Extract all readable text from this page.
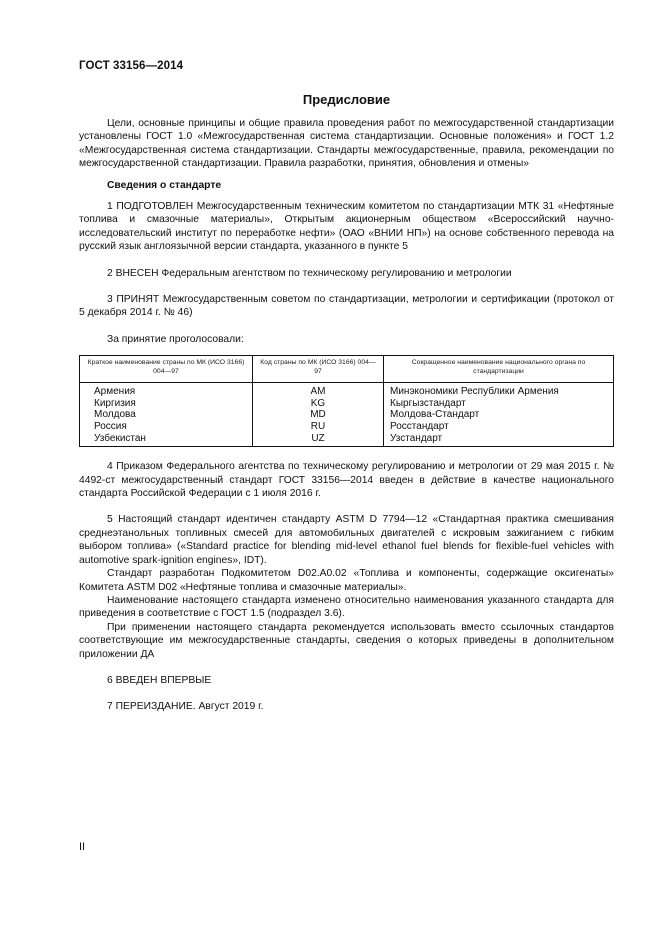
ГОСТ 33156—2014
Предисловие

Цели, основные принципы и общие правила проведения работ по межгосударственной стандартизации установлены ГОСТ 1.0 «Межгосударственная система стандартизации. Основные положения» и ГОСТ 1.2 «Межгосударственная система стандартизации. Стандарты межгосударственные, правила, рекомендации по межгосударственной стандартизации. Правила разработки, принятия, обновления и отмены»

Сведения о стандарте

1 ПОДГОТОВЛЕН Межгосударственным техническим комитетом по стандартизации МТК 31 «Нефтяные топлива и смазочные материалы», Открытым акционерным обществом «Всероссийский научно-исследовательский институт по переработке нефти» (ОАО «ВНИИ НП») на основе собственного перевода на русский язык англоязычной версии стандарта, указанного в пункте 5

2 ВНЕСЕН Федеральным агентством по техническому регулированию и метрологии

3 ПРИНЯТ Межгосударственным советом по стандартизации, метрологии и сертификации (протокол от 5 декабря 2014 г. № 46)

За принятие проголосовали:

Краткое наименование страны по МК (ИСО 3166) 004—97	Код страны по МК (ИСО 3166) 004—97	Сокращенное наименование национального органа по стандартизации
Армения	AM	Минэкономики Республики Армения
Киргизия	KG	Кыргызстандарт
Молдова	MD	Молдова-Стандарт
Россия	RU	Росстандарт
Узбекистан	UZ	Узстандарт

4 Приказом Федерального агентства по техническому регулированию и метрологии от 29 мая 2015 г. № 4492-ст межгосударственный стандарт ГОСТ 33156—2014 введен в действие в качестве национального стандарта Российской Федерации с 1 июля 2016 г.

5 Настоящий стандарт идентичен стандарту ASTM D 7794—12 «Стандартная практика смешивания среднеэтанольных топливных смесей для автомобильных двигателей с искровым зажиганием с гибким выбором топлива» («Standard practice for blending mid-level ethanol fuel blends for flexible-fuel vehicles with automotive spark-ignition engines», IDT).

Стандарт разработан Подкомитетом D02.A0.02 «Топлива и компоненты, содержащие оксигенаты» Комитета ASTM D02 «Нефтяные топлива и смазочные материалы».

Наименование настоящего стандарта изменено относительно наименования указанного стандарта для приведения в соответствие с ГОСТ 1.5 (подраздел 3.6).

При применении настоящего стандарта рекомендуется использовать вместо ссылочных стандартов соответствующие им межгосударственные стандарты, сведения о которых приведены в дополнительном приложении ДА

6 ВВЕДЕН ВПЕРВЫЕ

7 ПЕРЕИЗДАНИЕ. Август 2019 г.

II
